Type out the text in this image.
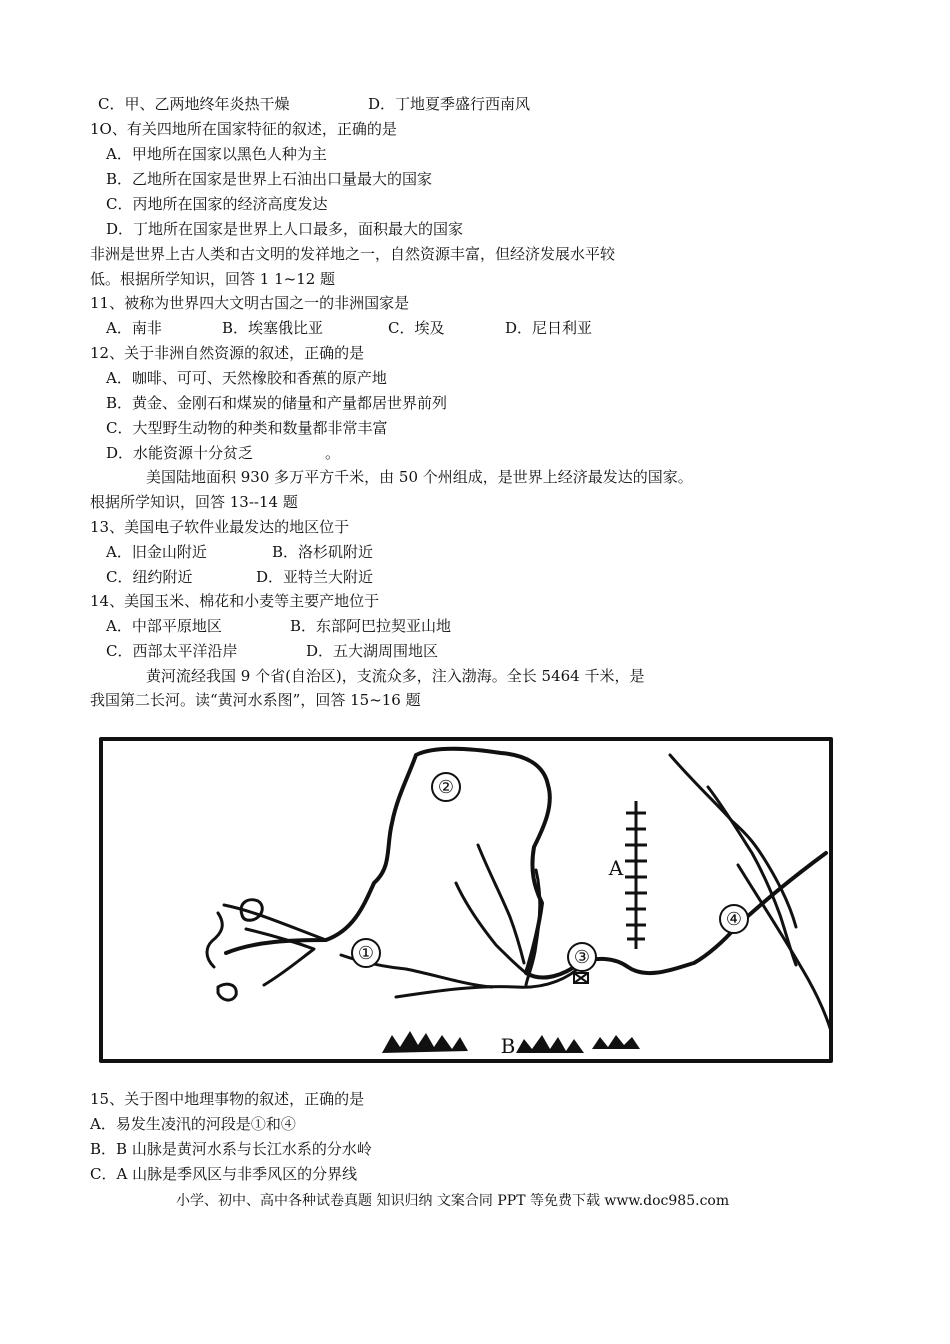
C．甲、乙两地终年炎热干燥	D．丁地夏季盛行西南风
1O、有关四地所在国家特征的叙述，正确的是
A．甲地所在国家以黑色人种为主
B．乙地所在国家是世界上石油出口量最大的国家
C．丙地所在国家的经济高度发达
D．丁地所在国家是世界上人口最多，面积最大的国家
非洲是世界上古人类和古文明的发祥地之一，自然资源丰富，但经济发展水平较
低。根据所学知识，回答 1 1~12 题
11、被称为世界四大文明古国之一的非洲国家是
A．南非	B．埃塞俄比亚	C．埃及	D．尼日利亚
12、关于非洲自然资源的叙述，正确的是
A．咖啡、可可、天然橡胶和香蕉的原产地
B．黄金、金刚石和煤炭的储量和产量都居世界前列
C．大型野生动物的种类和数量都非常丰富
D．水能资源十分贫乏	。
美国陆地面积 930 多万平方千米，由 50 个州组成，是世界上经济最发达的国家。
根据所学知识，回答 13--14 题
13、美国电子软件业最发达的地区位于
A．旧金山附近	B．洛杉矶附近
C．纽约附近	D．亚特兰大附近
14、美国玉米、棉花和小麦等主要产地位于
A．中部平原地区	B．东部阿巴拉契亚山地
C．西部太平洋沿岸	D．五大湖周围地区
黄河流经我国 9 个省(自治区)，支流众多，注入渤海。全长 5464 千米，是
我国第二长河。读“黄河水系图”，回答 15~16 题
②
①	③
④
A
B
15、关于图中地理事物的叙述，正确的是
A．易发生凌汛的河段是①和④
B．B 山脉是黄河水系与长江水系的分水岭
C．A 山脉是季风区与非季风区的分界线
小学、初中、高中各种试卷真题 知识归纳 文案合同 PPT 等免费下载 www.doc985.com
